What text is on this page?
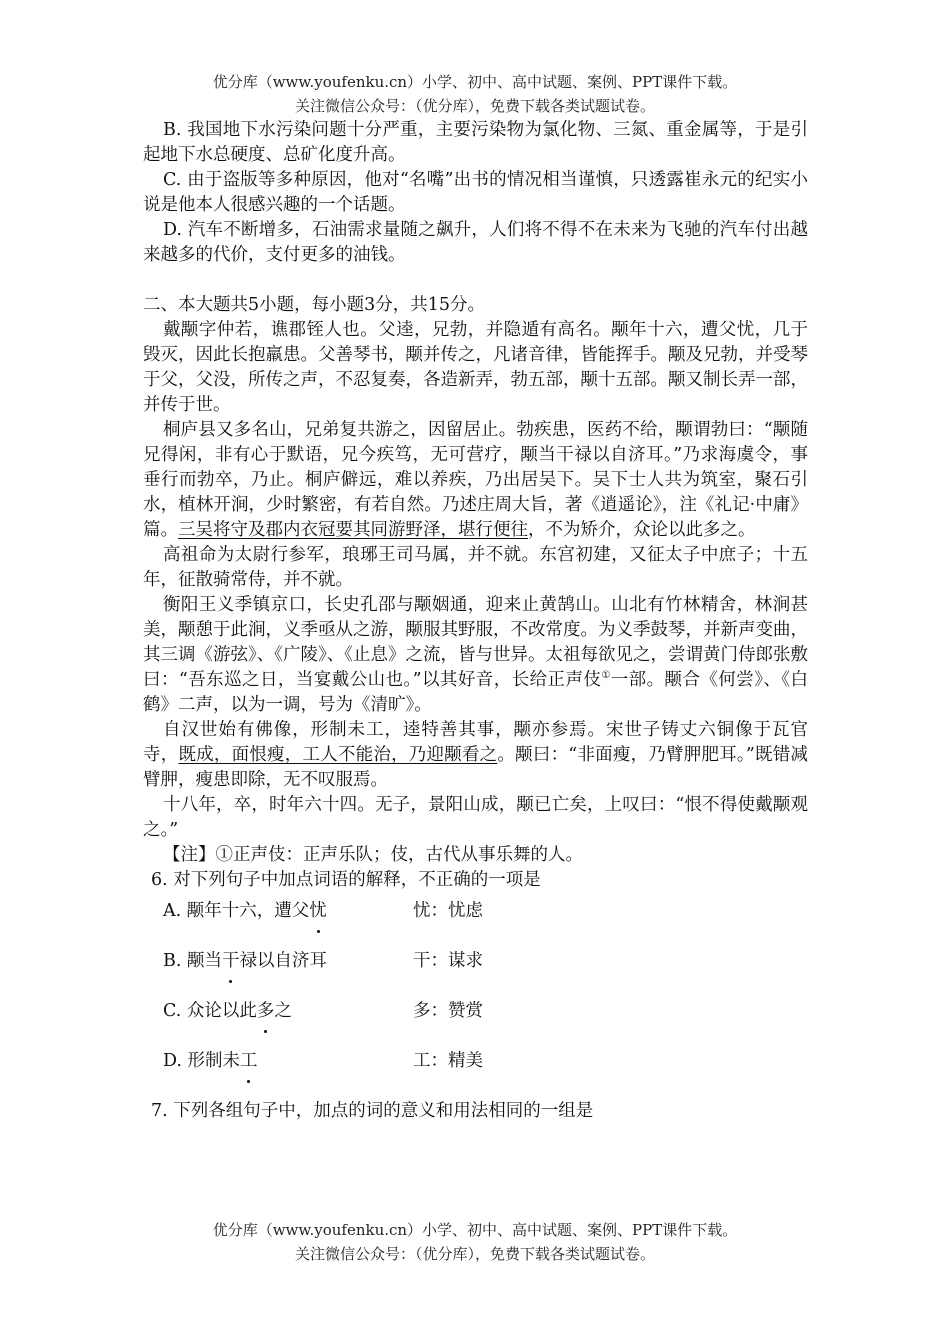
优分库（www.youfenku.cn）小学、初中、高中试题、案例、PPT课件下载。
关注微信公众号：（优分库），免费下载各类试题试卷。

B. 我国地下水污染问题十分严重，主要污染物为氯化物、三氮、重金属等，于是引起地下水总硬度、总矿化度升高。

C. 由于盗版等多种原因，他对“名嘴”出书的情况相当谨慎，只透露崔永元的纪实小说是他本人很感兴趣的一个话题。

D. 汽车不断增多，石油需求量随之飙升，人们将不得不在未来为飞驰的汽车付出越来越多的代价，支付更多的油钱。

二、本大题共5小题，每小题3分，共15分。

戴颙字仲若，谯郡铚人也。父逵，兄勃，并隐遁有高名。颙年十六，遭父忧，几于毁灭，因此长抱羸患。父善琴书，颙并传之，凡诸音律，皆能挥手。颙及兄勃，并受琴于父，父没，所传之声，不忍复奏，各造新弄，勃五部，颙十五部。颙又制长弄一部，并传于世。

桐庐县又多名山，兄弟复共游之，因留居止。勃疾患，医药不给，颙谓勃曰：“颙随兄得闲，非有心于默语，兄今疾笃，无可营疗，颙当干禄以自济耳。”乃求海虞令，事垂行而勃卒，乃止。桐庐僻远，难以养疾，乃出居吴下。吴下士人共为筑室，聚石引水，植林开涧，少时繁密，有若自然。乃述庄周大旨，著《逍遥论》，注《礼记·中庸》篇。三吴将守及郡内衣冠要其同游野泽，堪行便往，不为矫介，众论以此多之。

高祖命为太尉行参军，琅琊王司马属，并不就。东宫初建，又征太子中庶子；十五年，征散骑常侍，并不就。

衡阳王义季镇京口，长史孔邵与颙姻通，迎来止黄鹄山。山北有竹林精舍，林涧甚美，颙憩于此涧，义季亟从之游，颙服其野服，不改常度。为义季鼓琴，并新声变曲，其三调《游弦》、《广陵》、《止息》之流，皆与世异。太祖每欲见之，尝谓黄门侍郎张敷曰：“吾东巡之日，当宴戴公山也。”以其好音，长给正声伎①一部。颙合《何尝》、《白鹤》二声，以为一调，号为《清旷》。

自汉世始有佛像，形制未工，逵特善其事，颙亦参焉。宋世子铸丈六铜像于瓦官寺，既成，面恨瘦，工人不能治，乃迎颙看之。颙曰：“非面瘦，乃臂胛肥耳。”既错减臂胛，瘦患即除，无不叹服焉。

十八年，卒，时年六十四。无子，景阳山成，颙已亡矣，上叹曰：“恨不得使戴颙观之。”

【注】①正声伎：正声乐队；伎，古代从事乐舞的人。

6. 对下列句子中加点词语的解释，不正确的一项是

A. 颙年十六，遭父忧	忧：忧虑
B. 颙当干禄以自济耳	干：谋求
C. 众论以此多之	多：赞赏
D. 形制未工	工：精美

7. 下列各组句子中，加点的词的意义和用法相同的一组是

优分库（www.youfenku.cn）小学、初中、高中试题、案例、PPT课件下载。
关注微信公众号：（优分库），免费下载各类试题试卷。
